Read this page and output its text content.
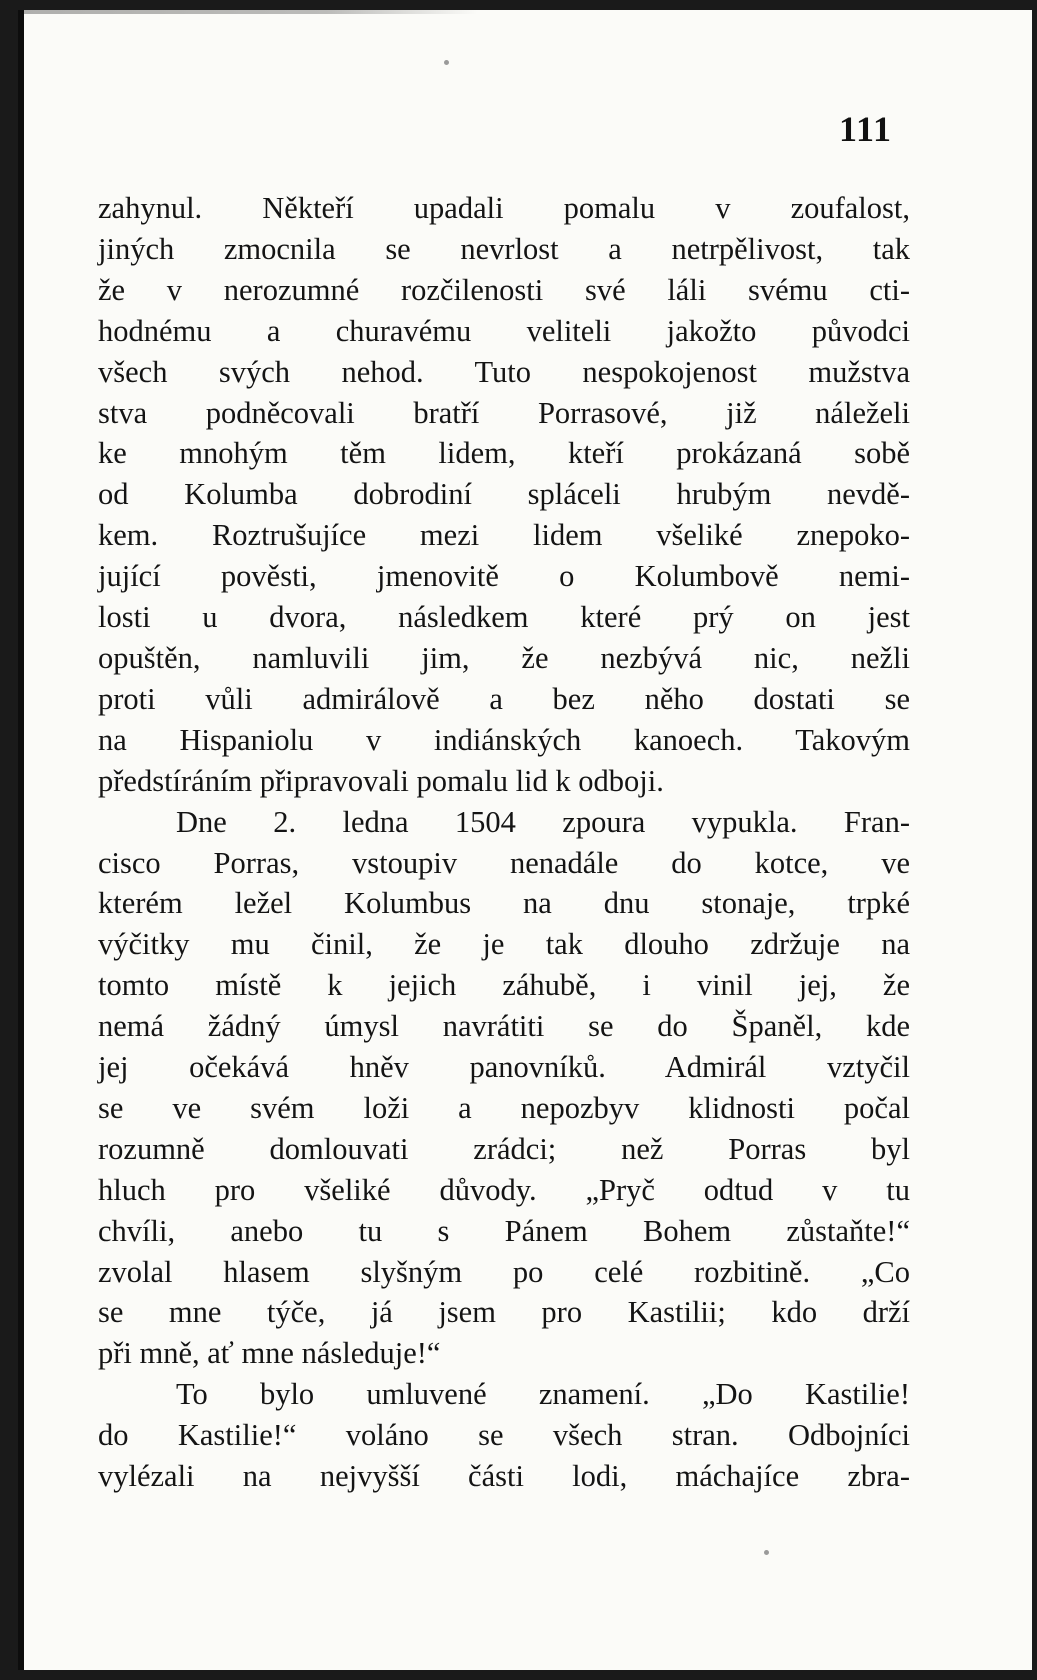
111
zahynul. Někteří upadali pomalu v zoufalost,
jiných zmocnila se nevrlost a netrpělivost, tak
že v nerozumné rozčilenosti své láli svému cti-
hodnému a churavému veliteli jakožto původci
všech svých nehod. Tuto nespokojenost mužstva
stva podněcovali bratří Porrasové, již náleželi
ke mnohým těm lidem, kteří prokázaná sobě
od Kolumba dobrodiní spláceli hrubým nevdě-
kem. Roztrušujíce mezi lidem všeliké znepoko-
jující pověsti, jmenovitě o Kolumbově nemi-
losti u dvora, následkem které prý on jest
opuštěn, namluvili jim, že nezbývá nic, nežli
proti vůli admirálově a bez něho dostati se
na Hispaniolu v indiánských kanoech. Takovým
předstíráním připravovali pomalu lid k odboji.
Dne 2. ledna 1504 zpoura vypukla. Fran-
cisco Porras, vstoupiv nenadále do kotce, ve
kterém ležel Kolumbus na dnu stonaje, trpké
výčitky mu činil, že je tak dlouho zdržuje na
tomto místě k jejich záhubě, i vinil jej, že
nemá žádný úmysl navrátiti se do Španěl, kde
jej očekává hněv panovníků. Admirál vztyčil
se ve svém loži a nepozbyv klidnosti počal
rozumně domlouvati zrádci; než Porras byl
hluch pro všeliké důvody. „Pryč odtud v tu
chvíli, anebo tu s Pánem Bohem zůstaňte!“
zvolal hlasem slyšným po celé rozbitině. „Co
se mne týče, já jsem pro Kastilii; kdo drží
při mně, ať mne následuje!“
To bylo umluvené znamení. „Do Kastilie!
do Kastilie!“ voláno se všech stran. Odbojníci
vylézali na nejvyšší části lodi, máchajíce zbra-
